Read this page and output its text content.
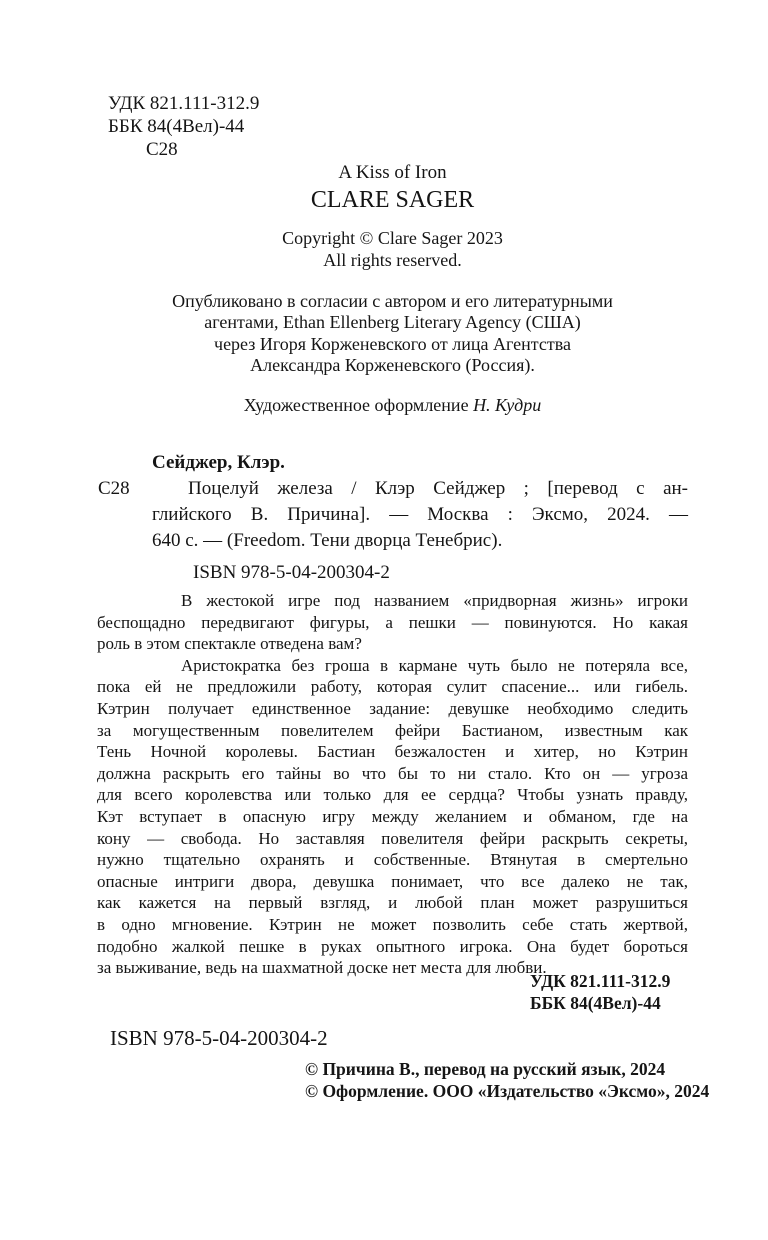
УДК 821.111-312.9
ББК 84(4Вел)-44
С28
A Kiss of Iron
CLARE SAGER
Copyright © Clare Sager 2023
All rights reserved.
Опубликовано в согласии с автором и его литературными
агентами, Ethan Ellenberg Literary Agency (США)
через Игоря Корженевского от лица Агентства
Александра Корженевского (Россия).
Художественное оформление Н. Кудри
Сейджер, Клэр.
С28	Поцелуй железа / Клэр Сейджер ; [перевод с ан-
глийского В. Причина]. — Москва : Эксмо, 2024. —
640 с. — (Freedom. Тени дворца Тенебрис).
ISBN 978-5-04-200304-2
В жестокой игре под названием «придворная жизнь» игроки
беспощадно передвигают фигуры, а пешки — повинуются. Но какая
роль в этом спектакле отведена вам?
Аристократка без гроша в кармане чуть было не потеряла все,
пока ей не предложили работу, которая сулит спасение... или гибель.
Кэтрин получает единственное задание: девушке необходимо следить
за могущественным повелителем фейри Бастианом, известным как
Тень Ночной королевы. Бастиан безжалостен и хитер, но Кэтрин
должна раскрыть его тайны во что бы то ни стало. Кто он — угроза
для всего королевства или только для ее сердца? Чтобы узнать правду,
Кэт вступает в опасную игру между желанием и обманом, где на
кону — свобода. Но заставляя повелителя фейри раскрыть секреты,
нужно тщательно охранять и собственные. Втянутая в смертельно
опасные интриги двора, девушка понимает, что все далеко не так,
как кажется на первый взгляд, и любой план может разрушиться
в одно мгновение. Кэтрин не может позволить себе стать жертвой,
подобно жалкой пешке в руках опытного игрока. Она будет бороться
за выживание, ведь на шахматной доске нет места для любви.
УДК 821.111-312.9
ББК 84(4Вел)-44
ISBN 978-5-04-200304-2
© Причина В., перевод на русский язык, 2024
© Оформление. ООО «Издательство «Эксмо», 2024
